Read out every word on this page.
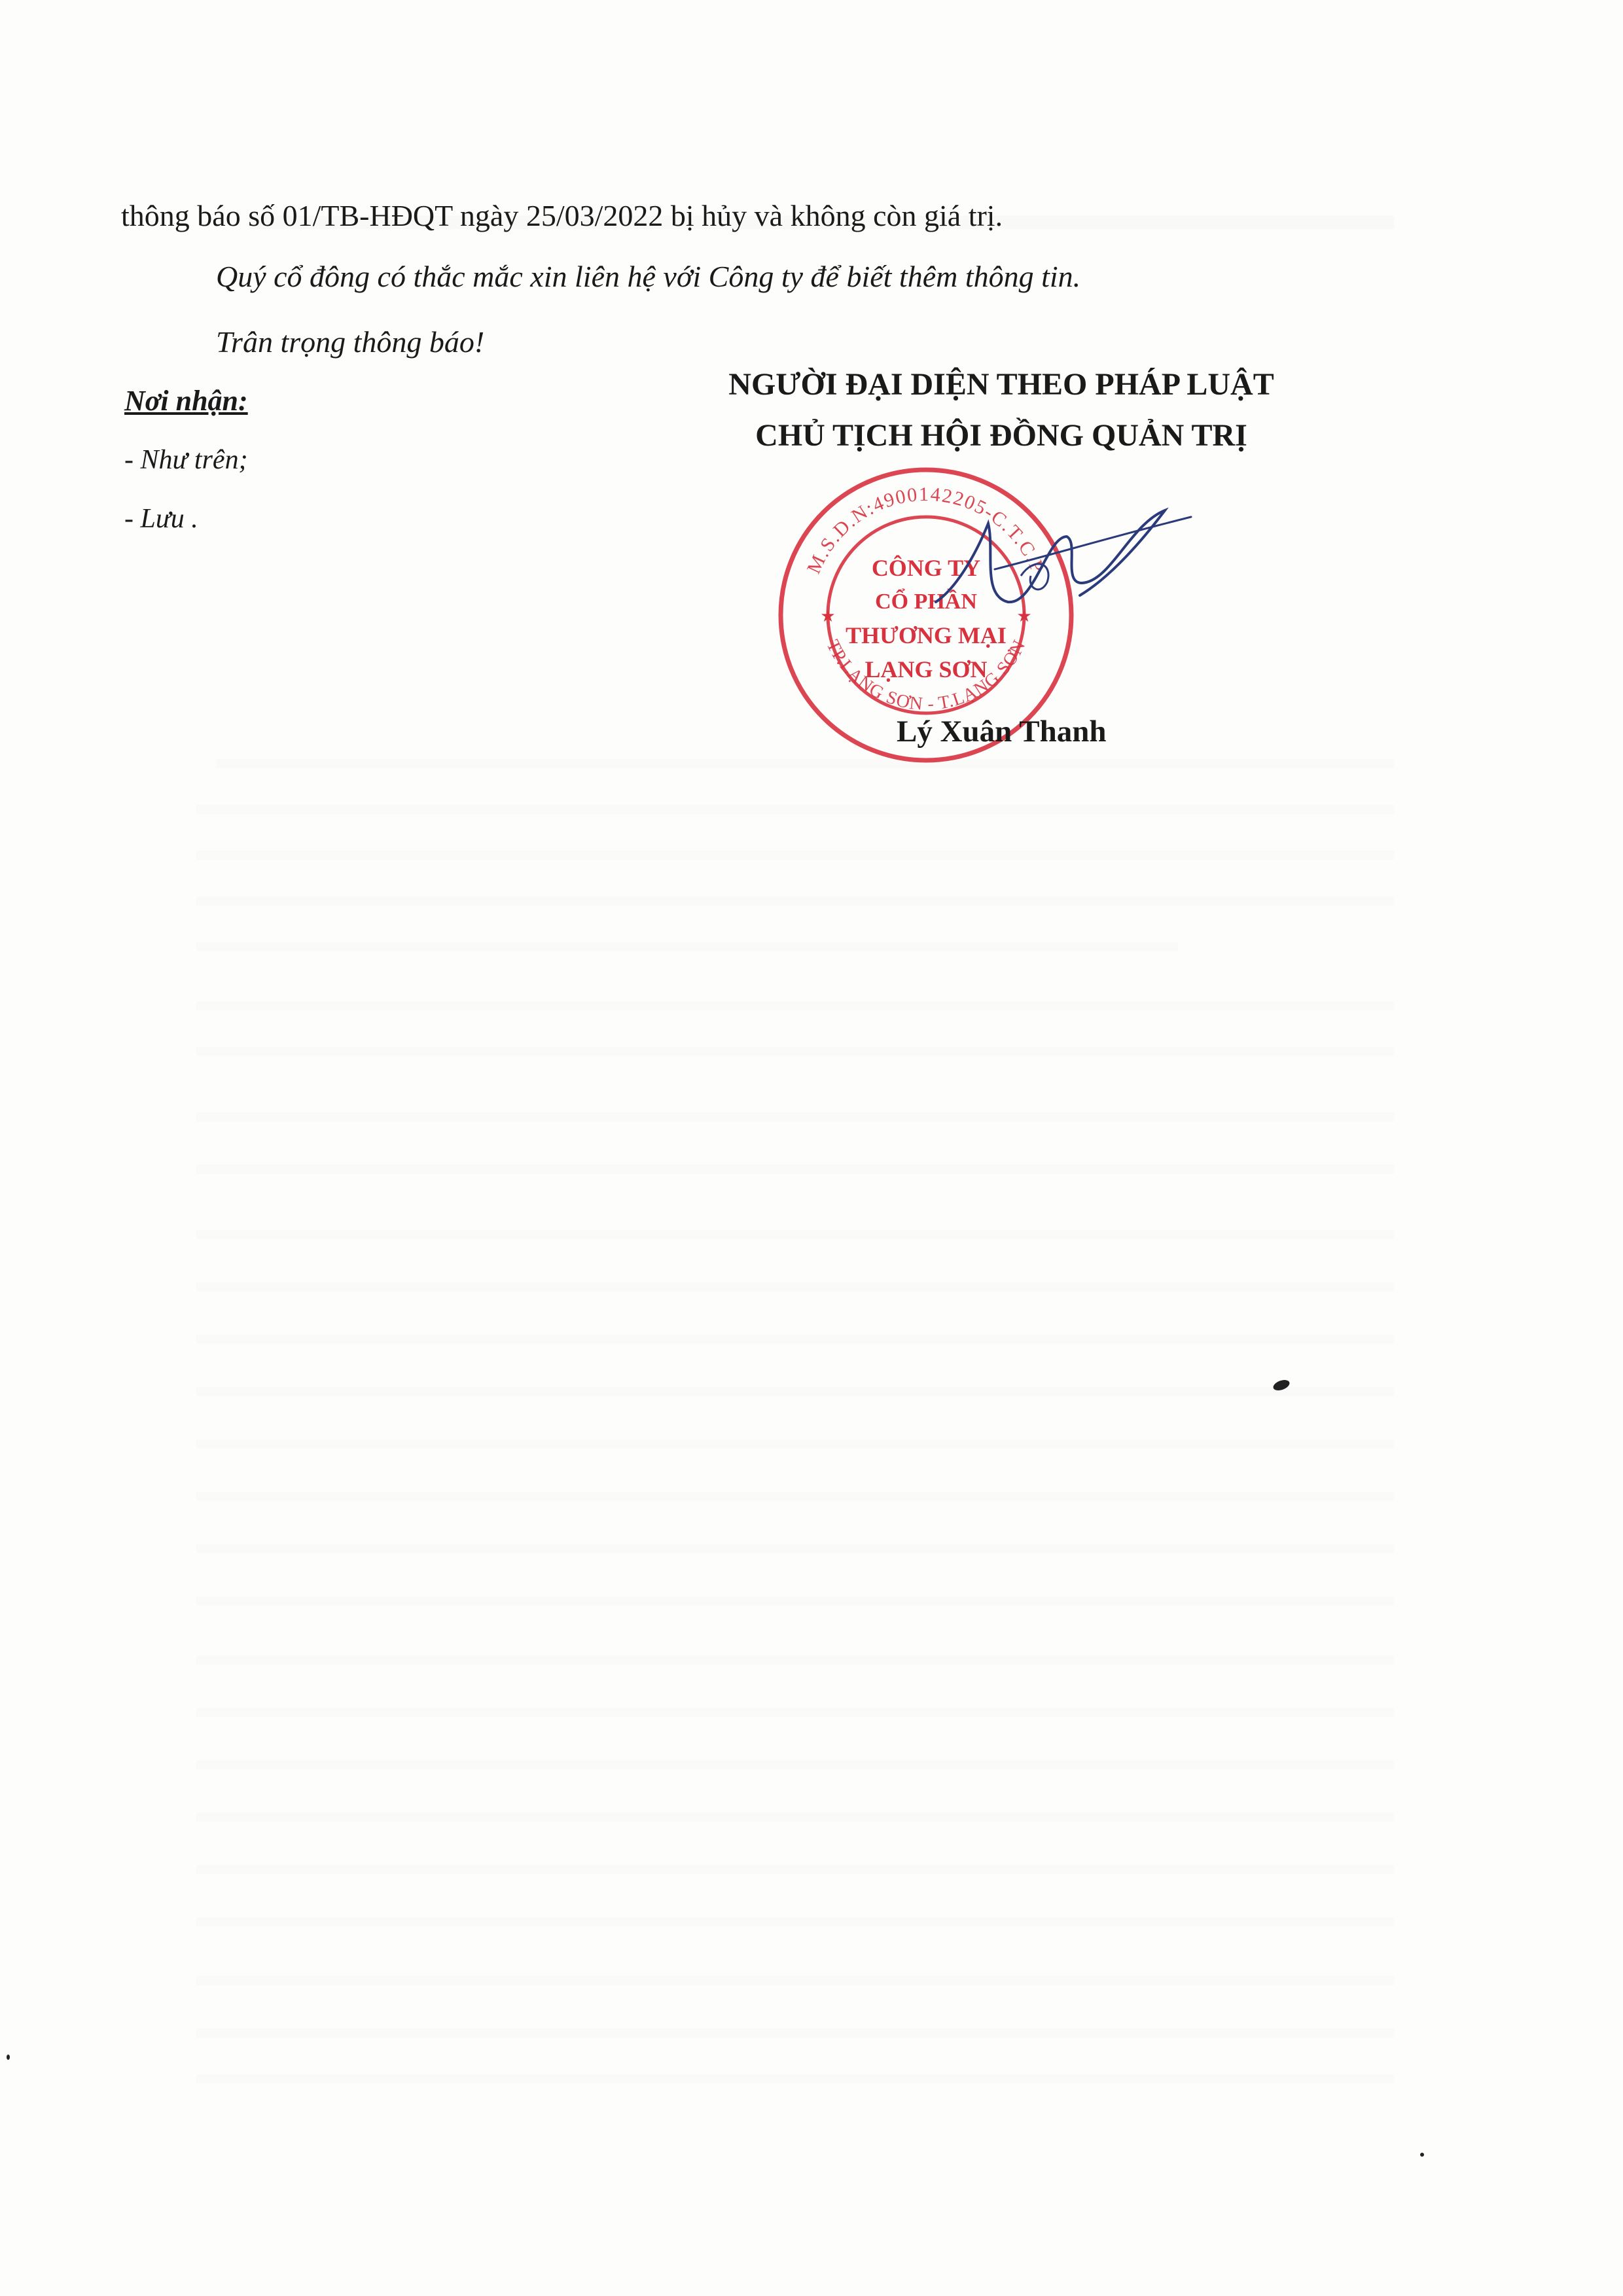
thông báo số 01/TB-HĐQT ngày 25/03/2022 bị hủy và không còn giá trị.
Quý cổ đông có thắc mắc xin liên hệ với Công ty để biết thêm thông tin.
Trân trọng thông báo!
Nơi nhận:
- Như trên;
- Lưu .
NGƯỜI ĐẠI DIỆN THEO PHÁP LUẬT
CHỦ TỊCH HỘI ĐỒNG QUẢN TRỊ
M.S.D.N:4900142205-C.T.C.P
TP.LẠNG SƠN - T.LẠNG SƠN
★	★
CÔNG TY
CỔ PHẦN
THƯƠNG MẠI
LẠNG SƠN
Lý Xuân Thanh
